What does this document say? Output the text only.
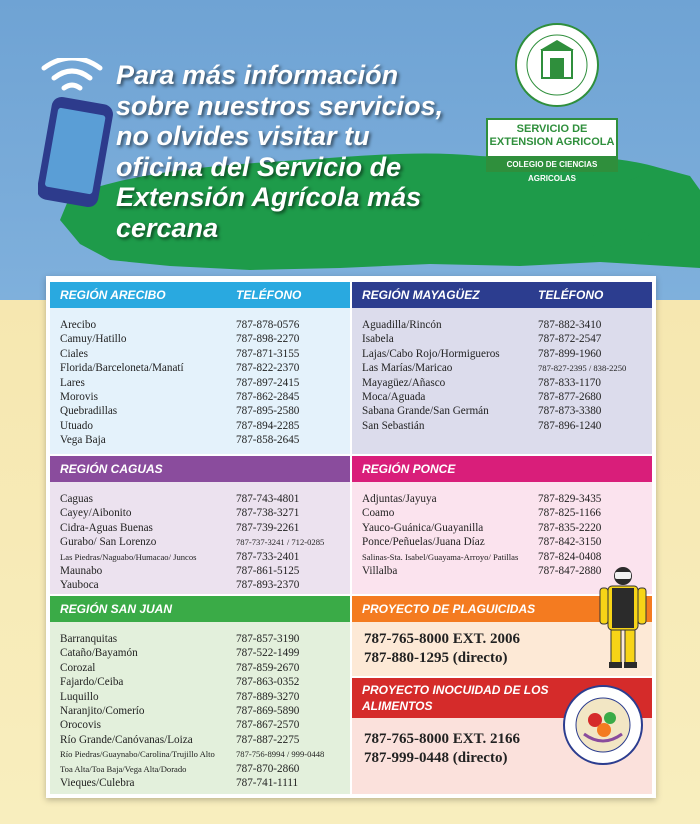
Para más información sobre nuestros servicios, no olvides visitar tu oficina del Servicio de Extensión Agrícola más cercana
SERVICIO DE
EXTENSION AGRICOLA
COLEGIO DE CIENCIAS AGRICOLAS
REGIÓN ARECIBO	TELÉFONO
Arecibo	787-878-0576
Camuy/Hatillo	787-898-2270
Ciales	787-871-3155
Florida/Barceloneta/Manatí	787-822-2370
Lares	787-897-2415
Morovis	787-862-2845
Quebradillas	787-895-2580
Utuado	787-894-2285
Vega Baja	787-858-2645
REGIÓN MAYAGÜEZ	TELÉFONO
Aguadilla/Rincón	787-882-3410
Isabela	787-872-2547
Lajas/Cabo Rojo/Hormigueros	787-899-1960
Las Marías/Maricao	787-827-2395 / 838-2250
Mayagüez/Añasco	787-833-1170
Moca/Aguada	787-877-2680
Sabana Grande/San Germán	787-873-3380
San Sebastián	787-896-1240
REGIÓN CAGUAS
Caguas	787-743-4801
Cayey/Aibonito	787-738-3271
Cidra-Aguas Buenas	787-739-2261
Gurabo/ San Lorenzo	787-737-3241 / 712-0285
Las Piedras/Naguabo/Humacao/ Juncos	787-733-2401
Maunabo	787-861-5125
Yauboca	787-893-2370
REGIÓN PONCE
Adjuntas/Jayuya	787-829-3435
Coamo	787-825-1166
Yauco-Guánica/Guayanilla	787-835-2220
Ponce/Peñuelas/Juana Díaz	787-842-3150
Salinas-Sta. Isabel/Guayama-Arroyo/ Patillas 787-824-0408
Villalba	787-847-2880
REGIÓN SAN JUAN
Barranquitas	787-857-3190
Cataño/Bayamón	787-522-1499
Corozal	787-859-2670
Fajardo/Ceiba	787-863-0352
Luquillo	787-889-3270
Naranjito/Comerío	787-869-5890
Orocovis	787-867-2570
Río Grande/Canóvanas/Loiza	787-887-2275
Río Piedras/Guaynabo/Carolina/Trujillo Alto 787-756-8994 / 999-0448
Toa Alta/Toa Baja/Vega Alta/Dorado	787-870-2860
Vieques/Culebra	787-741-1111
PROYECTO DE PLAGUICIDAS
787-765-8000 EXT. 2006
787-880-1295 (directo)
PROYECTO INOCUIDAD DE LOS ALIMENTOS
787-765-8000 EXT. 2166
787-999-0448 (directo)
